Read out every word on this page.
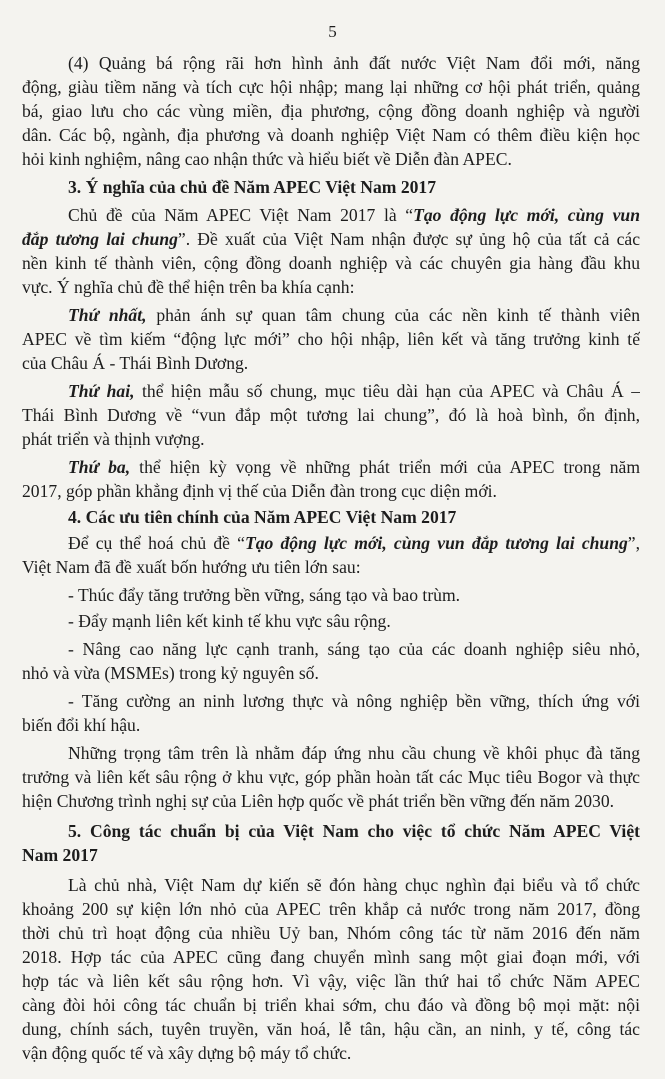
5
(4) Quảng bá rộng rãi hơn hình ảnh đất nước Việt Nam đổi mới, năng
động, giàu tiềm năng và tích cực hội nhập; mang lại những cơ hội phát triển, quảng
bá, giao lưu cho các vùng miền, địa phương, cộng đồng doanh nghiệp và người
dân. Các bộ, ngành, địa phương và doanh nghiệp Việt Nam có thêm điều kiện học
hỏi kinh nghiệm, nâng cao nhận thức và hiểu biết về Diễn đàn APEC.
3. Ý nghĩa của chủ đề Năm APEC Việt Nam 2017
Chủ đề của Năm APEC Việt Nam 2017 là “Tạo động lực mới, cùng vun
đắp tương lai chung”. Đề xuất của Việt Nam nhận được sự ủng hộ của tất cả các
nền kinh tế thành viên, cộng đồng doanh nghiệp và các chuyên gia hàng đầu khu
vực. Ý nghĩa chủ đề thể hiện trên ba khía cạnh:
Thứ nhất, phản ánh sự quan tâm chung của các nền kinh tế thành viên
APEC về tìm kiếm “động lực mới” cho hội nhập, liên kết và tăng trưởng kinh tế
của Châu Á - Thái Bình Dương.
Thứ hai, thể hiện mẫu số chung, mục tiêu dài hạn của APEC và Châu Á –
Thái Bình Dương về “vun đắp một tương lai chung”, đó là hoà bình, ổn định,
phát triển và thịnh vượng.
Thứ ba, thể hiện kỳ vọng về những phát triển mới của APEC trong năm
2017, góp phần khẳng định vị thế của Diễn đàn trong cục diện mới.
4. Các ưu tiên chính của Năm APEC Việt Nam 2017
Để cụ thể hoá chủ đề “Tạo động lực mới, cùng vun đắp tương lai chung”,
Việt Nam đã đề xuất bốn hướng ưu tiên lớn sau:
- Thúc đẩy tăng trưởng bền vững, sáng tạo và bao trùm.
- Đẩy mạnh liên kết kinh tế khu vực sâu rộng.
- Nâng cao năng lực cạnh tranh, sáng tạo của các doanh nghiệp siêu nhỏ,
nhỏ và vừa (MSMEs) trong kỷ nguyên số.
- Tăng cường an ninh lương thực và nông nghiệp bền vững, thích ứng với
biến đổi khí hậu.
Những trọng tâm trên là nhằm đáp ứng nhu cầu chung về khôi phục đà tăng
trưởng và liên kết sâu rộng ở khu vực, góp phần hoàn tất các Mục tiêu Bogor và thực
hiện Chương trình nghị sự của Liên hợp quốc về phát triển bền vững đến năm 2030.
5. Công tác chuẩn bị của Việt Nam cho việc tổ chức Năm APEC Việt
Nam 2017
Là chủ nhà, Việt Nam dự kiến sẽ đón hàng chục nghìn đại biểu và tổ chức
khoảng 200 sự kiện lớn nhỏ của APEC trên khắp cả nước trong năm 2017, đồng
thời chủ trì hoạt động của nhiều Uỷ ban, Nhóm công tác từ năm 2016 đến năm
2018. Hợp tác của APEC cũng đang chuyển mình sang một giai đoạn mới, với
hợp tác và liên kết sâu rộng hơn. Vì vậy, việc lần thứ hai tổ chức Năm APEC
càng đòi hỏi công tác chuẩn bị triển khai sớm, chu đáo và đồng bộ mọi mặt: nội
dung, chính sách, tuyên truyền, văn hoá, lễ tân, hậu cần, an ninh, y tế, công tác
vận động quốc tế và xây dựng bộ máy tổ chức.
